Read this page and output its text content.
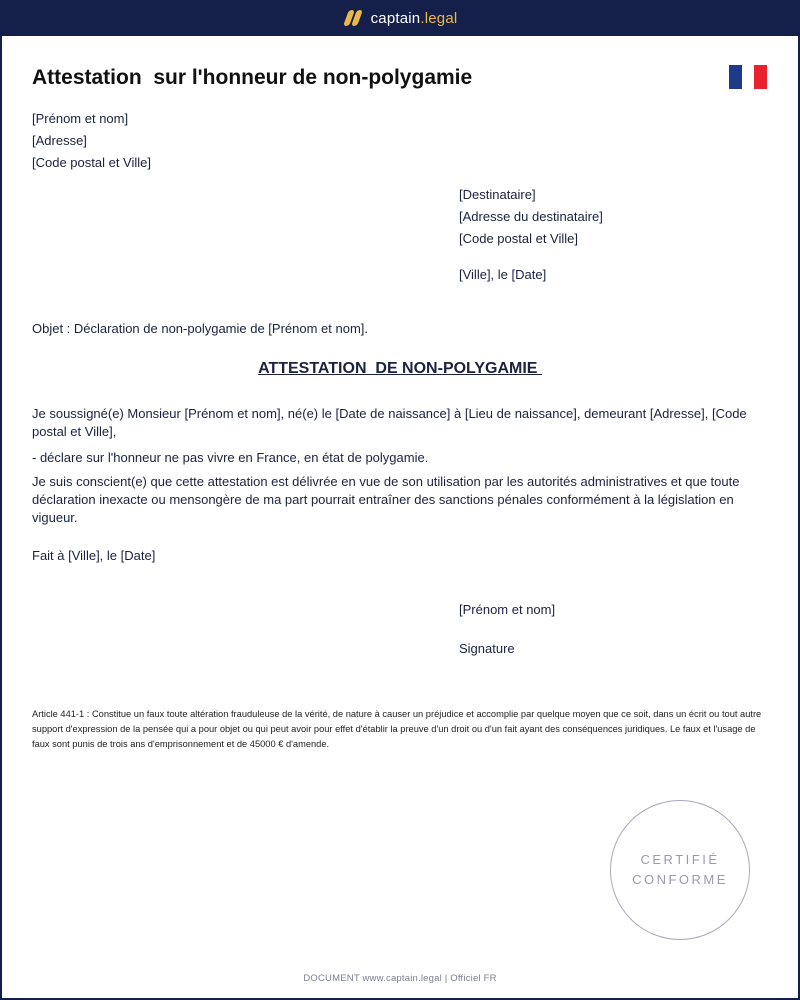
captain.legal
Attestation  sur l'honneur de non-polygamie
[Prénom et nom]
[Adresse]
[Code postal et Ville]
[Destinataire]
[Adresse du destinataire]
[Code postal et Ville]
[Ville], le [Date]
Objet : Déclaration de non-polygamie de [Prénom et nom].
ATTESTATION  DE NON-POLYGAMIE

Je soussigné(e) Monsieur [Prénom et nom], né(e) le [Date de naissance] à [Lieu de naissance], demeurant [Adresse], [Code postal et Ville],

- déclare sur l'honneur ne pas vivre en France, en état de polygamie.

Je suis conscient(e) que cette attestation est délivrée en vue de son utilisation par les autorités administratives et que toute déclaration inexacte ou mensongère de ma part pourrait entraîner des sanctions pénales conformément à la législation en vigueur.

Fait à [Ville], le [Date]
[Prénom et nom]
Signature

Article 441-1 : Constitue un faux toute altération frauduleuse de la vérité, de nature à causer un préjudice et accomplie par quelque moyen que ce soit, dans un écrit ou tout autre support d'expression de la pensée qui a pour objet ou qui peut avoir pour effet d'établir la preuve d'un droit ou d'un fait ayant des conséquences juridiques. Le faux et l'usage de faux sont punis de trois ans d'emprisonnement et de 45000 € d'amende.

CERTIFIÉ
CONFORME
DOCUMENT www.captain.legal | Officiel FR
